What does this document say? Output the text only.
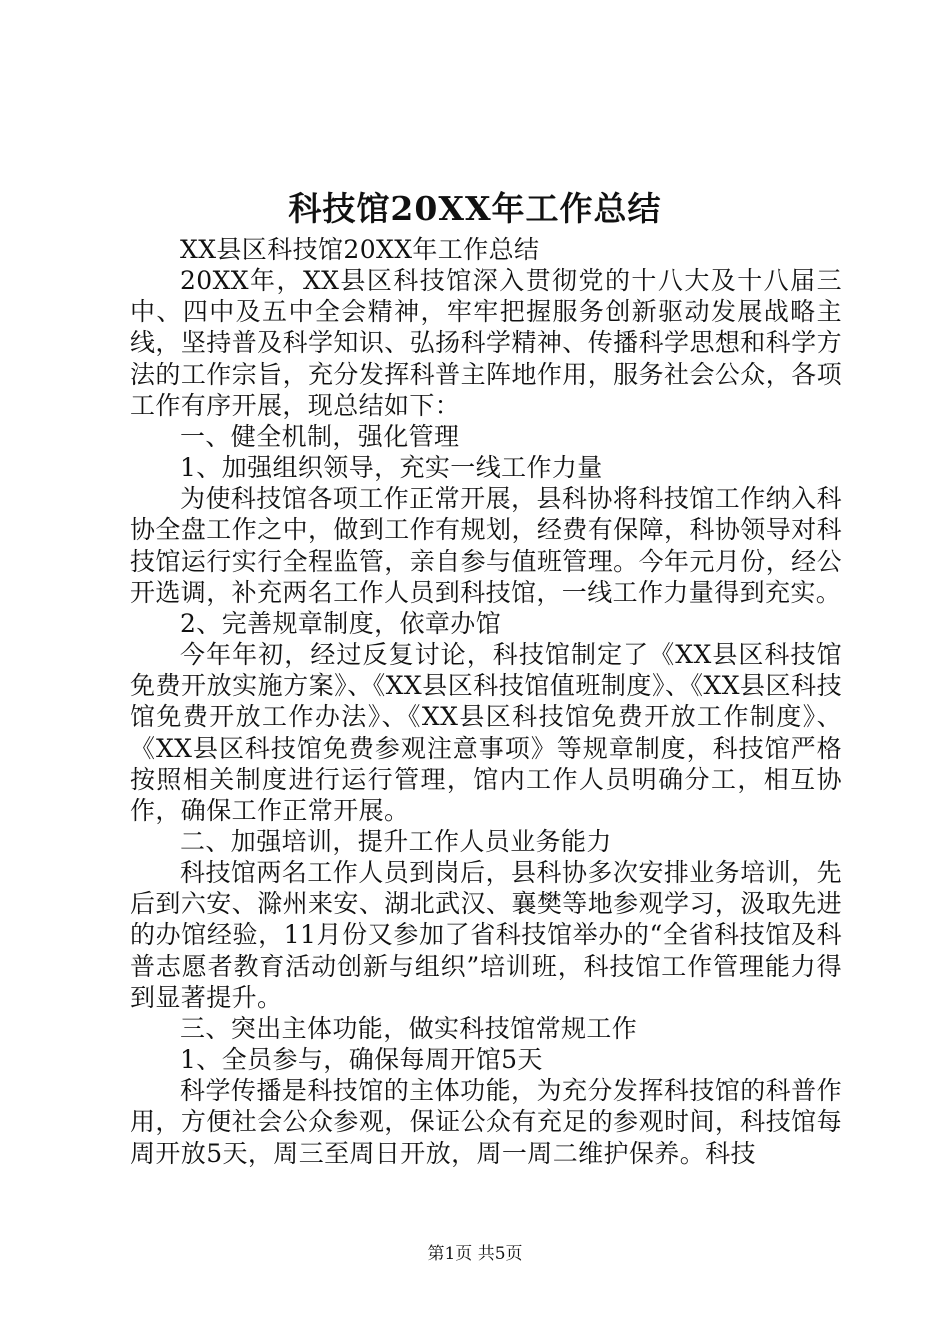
科技馆20XX年工作总结

XX县区科技馆20XX年工作总结

20XX年，XX县区科技馆深入贯彻党的十八大及十八届三中、四中及五中全会精神，牢牢把握服务创新驱动发展战略主线，坚持普及科学知识、弘扬科学精神、传播科学思想和科学方法的工作宗旨，充分发挥科普主阵地作用，服务社会公众，各项工作有序开展，现总结如下：

一、健全机制，强化管理

1、加强组织领导，充实一线工作力量

为使科技馆各项工作正常开展，县科协将科技馆工作纳入科协全盘工作之中，做到工作有规划，经费有保障，科协领导对科技馆运行实行全程监管，亲自参与值班管理。今年元月份，经公开选调，补充两名工作人员到科技馆，一线工作力量得到充实。

2、完善规章制度，依章办馆

今年年初，经过反复讨论，科技馆制定了《XX县区科技馆免费开放实施方案》、《XX县区科技馆值班制度》、《XX县区科技馆免费开放工作办法》、《XX县区科技馆免费开放工作制度》、《XX县区科技馆免费参观注意事项》等规章制度，科技馆严格按照相关制度进行运行管理，馆内工作人员明确分工，相互协作，确保工作正常开展。

二、加强培训，提升工作人员业务能力

科技馆两名工作人员到岗后，县科协多次安排业务培训，先后到六安、滁州来安、湖北武汉、襄樊等地参观学习，汲取先进的办馆经验，11月份又参加了省科技馆举办的“全省科技馆及科普志愿者教育活动创新与组织”培训班，科技馆工作管理能力得到显著提升。

三、突出主体功能，做实科技馆常规工作

1、全员参与，确保每周开馆5天

科学传播是科技馆的主体功能，为充分发挥科技馆的科普作用，方便社会公众参观，保证公众有充足的参观时间，科技馆每周开放5天，周三至周日开放，周一周二维护保养。科技

第1页 共5页
